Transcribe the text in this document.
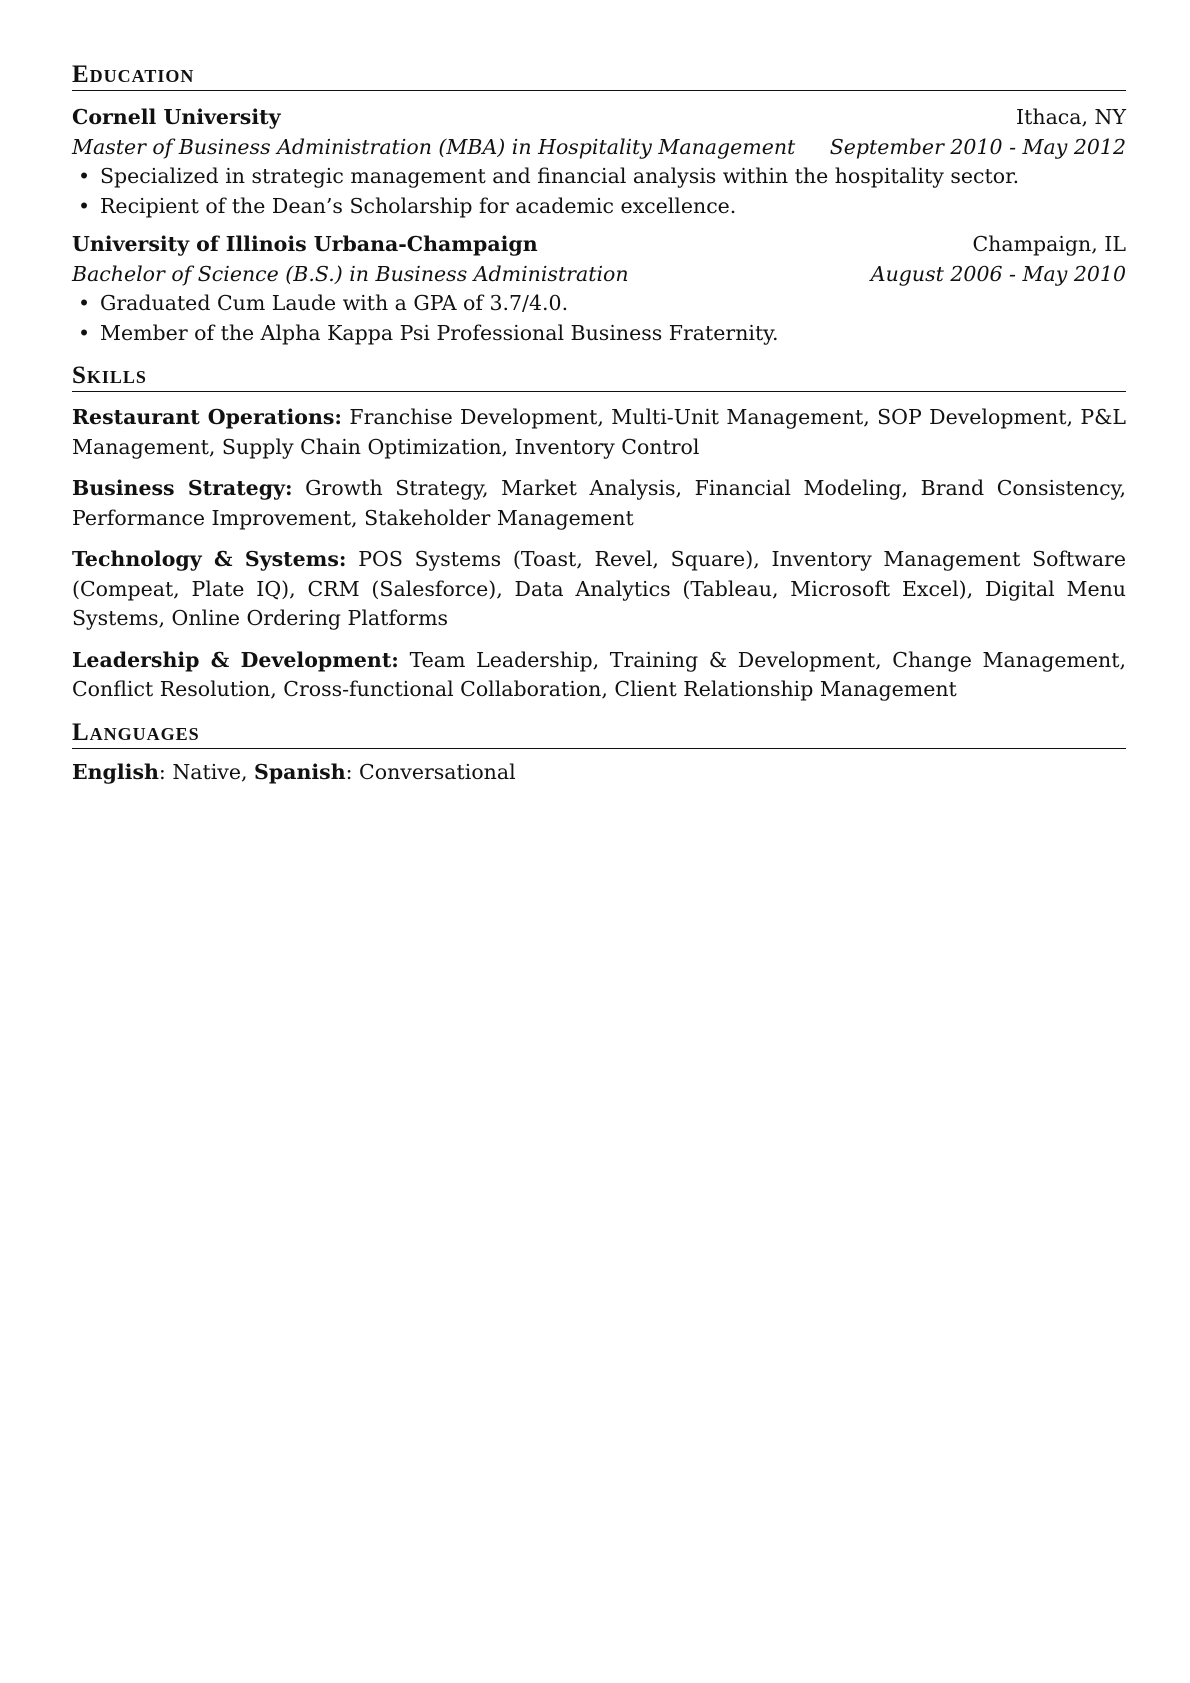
Education
Cornell University	Ithaca, NY
Master of Business Administration (MBA) in Hospitality Management September 2010 - May 2012
• Specialized in strategic management and financial analysis within the hospitality sector.
• Recipient of the Dean’s Scholarship for academic excellence.
University of Illinois Urbana-Champaign	Champaign, IL
Bachelor of Science (B.S.) in Business Administration	August 2006 - May 2010
• Graduated Cum Laude with a GPA of 3.7/4.0.
• Member of the Alpha Kappa Psi Professional Business Fraternity.
Skills
Restaurant Operations: Franchise Development, Multi-Unit Management, SOP Development, P&L Management, Supply Chain Optimization, Inventory Control
Business Strategy: Growth Strategy, Market Analysis, Financial Modeling, Brand Consistency, Performance Improvement, Stakeholder Management
Technology & Systems: POS Systems (Toast, Revel, Square), Inventory Management Software (Compeat, Plate IQ), CRM (Salesforce), Data Analytics (Tableau, Microsoft Excel), Digital Menu Systems, Online Ordering Platforms
Leadership & Development: Team Leadership, Training & Development, Change Management, Conflict Resolution, Cross-functional Collaboration, Client Relationship Management
Languages
English: Native, Spanish: Conversational
